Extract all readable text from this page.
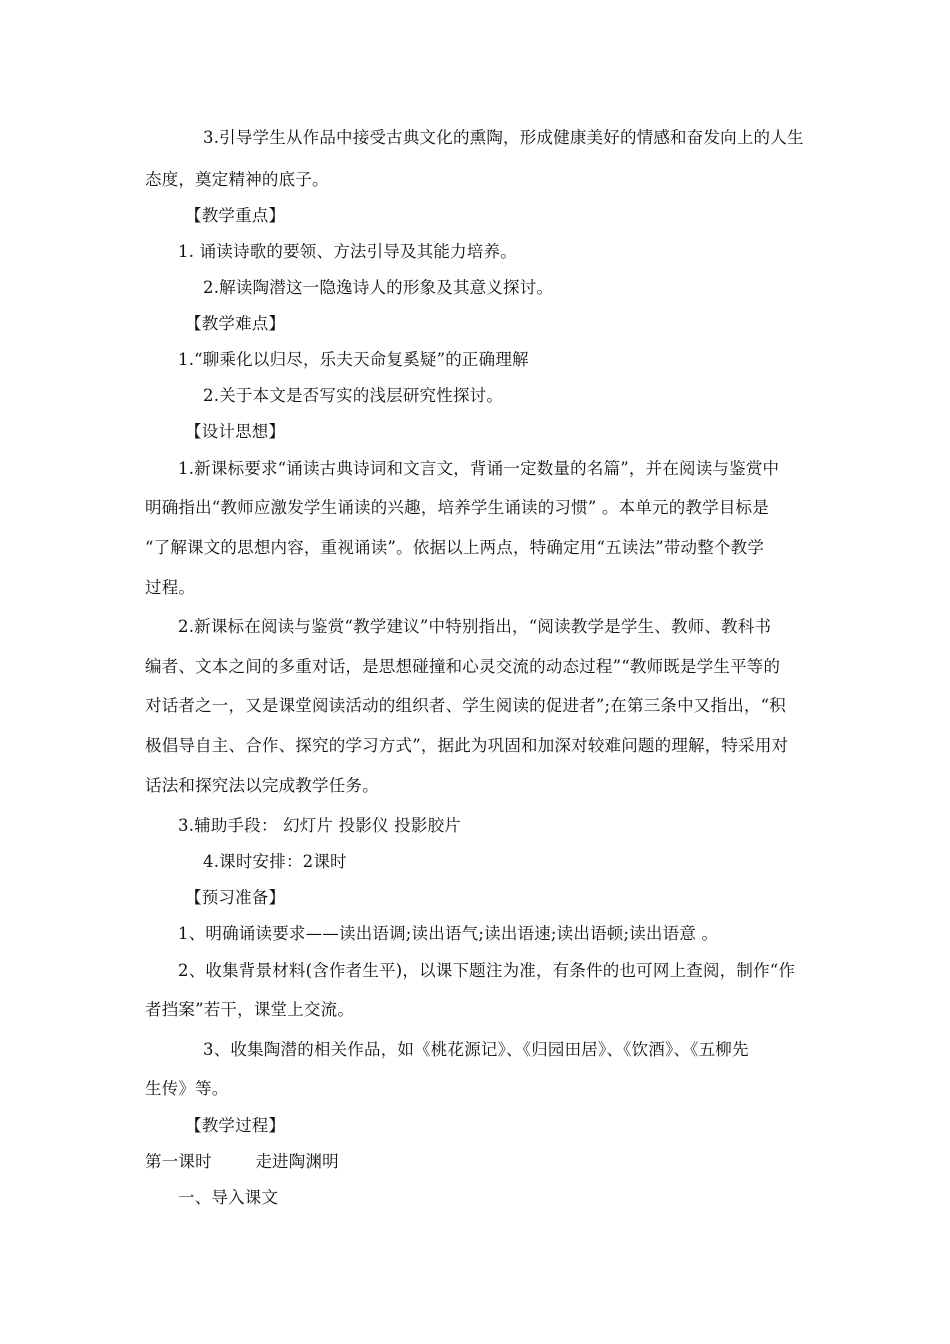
3.引导学生从作品中接受古典文化的熏陶，形成健康美好的情感和奋发向上的人生
态度，奠定精神的底子。
【教学重点】
1. 诵读诗歌的要领、方法引导及其能力培养。
2.解读陶潜这一隐逸诗人的形象及其意义探讨。
【教学难点】
1.“聊乘化以归尽，乐夫天命复奚疑”的正确理解
2.关于本文是否写实的浅层研究性探讨。
【设计思想】
1.新课标要求“诵读古典诗词和文言文，背诵一定数量的名篇”，并在阅读与鉴赏中
明确指出“教师应激发学生诵读的兴趣，培养学生诵读的习惯” 。本单元的教学目标是
“了解课文的思想内容，重视诵读”。依据以上两点，特确定用“五读法”带动整个教学
过程。
2.新课标在阅读与鉴赏“教学建议”中特别指出，“阅读教学是学生、教师、教科书
编者、文本之间的多重对话，是思想碰撞和心灵交流的动态过程”“教师既是学生平等的
对话者之一，又是课堂阅读活动的组织者、学生阅读的促进者”;在第三条中又指出，“积
极倡导自主、合作、探究的学习方式”，据此为巩固和加深对较难问题的理解，特采用对
话法和探究法以完成教学任务。
3.辅助手段： 幻灯片 投影仪 投影胶片
4.课时安排：2课时
【预习准备】
1、明确诵读要求——读出语调;读出语气;读出语速;读出语顿;读出语意 。
2、收集背景材料(含作者生平)，以课下题注为准，有条件的也可网上查阅，制作“作
者挡案”若干，课堂上交流。
3、收集陶潜的相关作品，如《桃花源记》、《归园田居》、《饮酒》、《五柳先
生传》等。
【教学过程】
第一课时        走进陶渊明
一、导入课文
